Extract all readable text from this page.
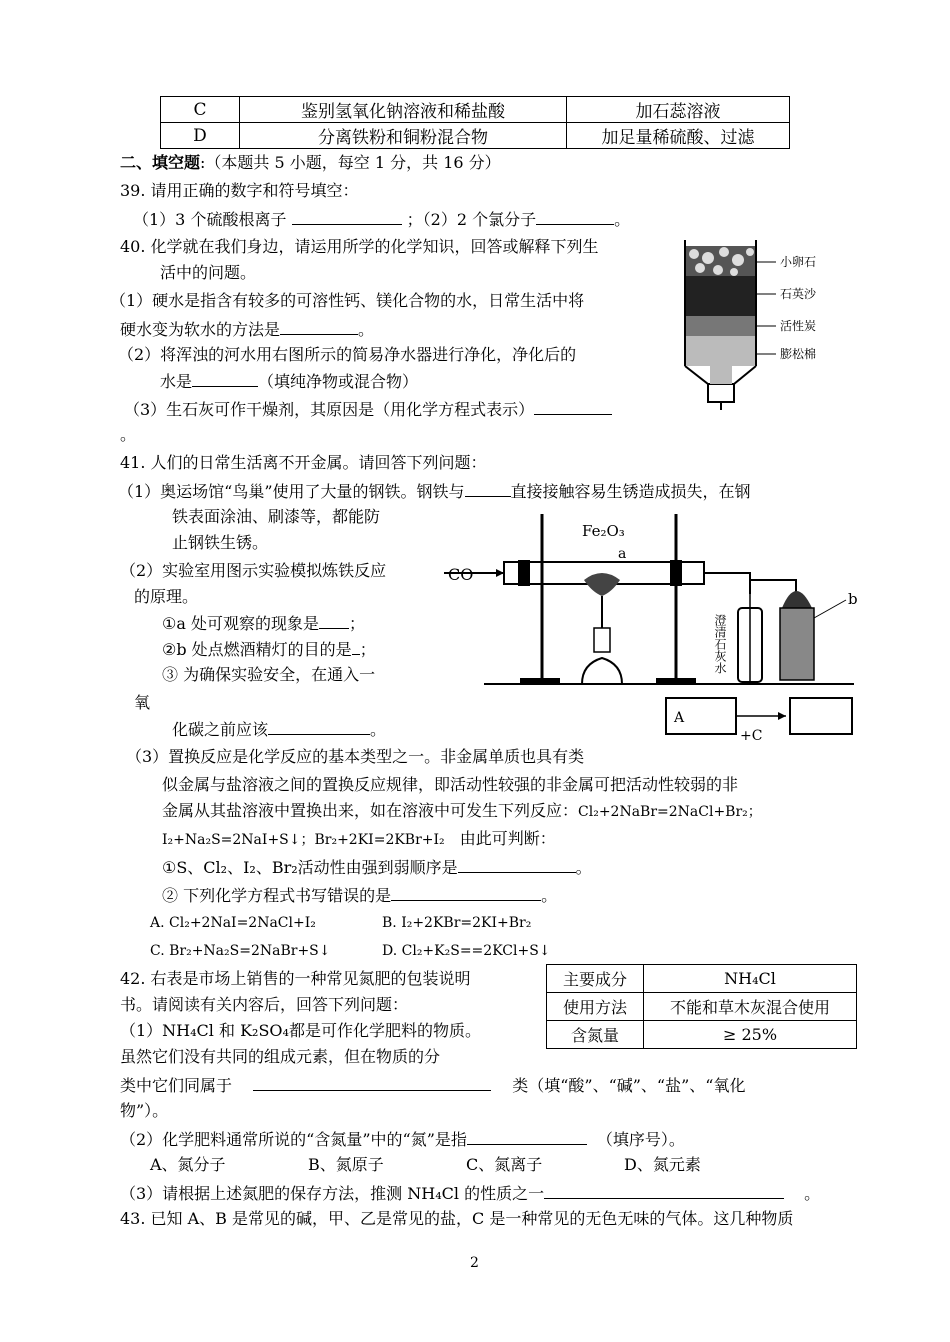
C	鉴别氢氧化钠溶液和稀盐酸	加石蕊溶液
D	分离铁粉和铜粉混合物	加足量稀硫酸、过滤
二、填空题:（本题共 5 小题，每空 1 分，共 16 分）
39. 请用正确的数字和符号填空：
（1）3 个硫酸根离子	；（2）2 个氯分子	。
40. 化学就在我们身边，请运用所学的化学知识，回答或解释下列生
活中的问题。
（1）硬水是指含有较多的可溶性钙、镁化合物的水，日常生活中将
硬水变为软水的方法是	。
（2）将浑浊的河水用右图所示的简易净水器进行净化，净化后的
水是	（填纯净物或混合物）
（3）生石灰可作干燥剂，其原因是（用化学方程式表示）
。
小卵石
石英沙
活性炭
膨松棉
41. 人们的日常生活离不开金属。请回答下列问题：
（1）奥运场馆“鸟巢”使用了大量的钢铁。钢铁与	直接接触容易生锈造成损失，在钢
铁表面涂油、刷漆等，都能防
止钢铁生锈。
（2）实验室用图示实验模拟炼铁反应
的原理。
①a 处可观察的现象是 ；
②b 处点燃酒精灯的目的是 ；
③ 为确保实验安全，在通入一
氧
化碳之前应该	。
CO
Fe₂O₃
a
澄清石灰水
b
A
+C
（3）置换反应是化学反应的基本类型之一。非金属单质也具有类
似金属与盐溶液之间的置换反应规律，即活动性较强的非金属可把活动性较弱的非
金属从其盐溶液中置换出来，如在溶液中可发生下列反应：Cl₂+2NaBr=2NaCl+Br₂；
I₂+Na₂S=2NaI+S↓；Br₂+2KI=2KBr+I₂ 由此可判断：
①S、Cl₂、I₂、Br₂活动性由强到弱顺序是	。
② 下列化学方程式书写错误的是	。
A. Cl₂+2NaI=2NaCl+I₂	B. I₂+2KBr=2KI+Br₂
C. Br₂+Na₂S=2NaBr+S↓	D. Cl₂+K₂S==2KCl+S↓
42. 右表是市场上销售的一种常见氮肥的包装说明
书。请阅读有关内容后，回答下列问题：
主要成分	NH₄Cl
使用方法	不能和草木灰混合使用
含氮量	≥ 25%
（1）NH₄Cl 和 K₂SO₄都是可作化学肥料的物质。
虽然它们没有共同的组成元素，但在物质的分
类中它们同属于	类（填“酸”、“碱”、“盐”、“氧化
物”）。
（2）化学肥料通常所说的“含氮量”中的“氮”是指	（填序号）。
A、氮分子	B、氮原子	C、氮离子	D、氮元素
（3）请根据上述氮肥的保存方法，推测 NH₄Cl 的性质之一	。
43. 已知 A、B 是常见的碱，甲、乙是常见的盐，C 是一种常见的无色无味的气体。这几种物质
2
